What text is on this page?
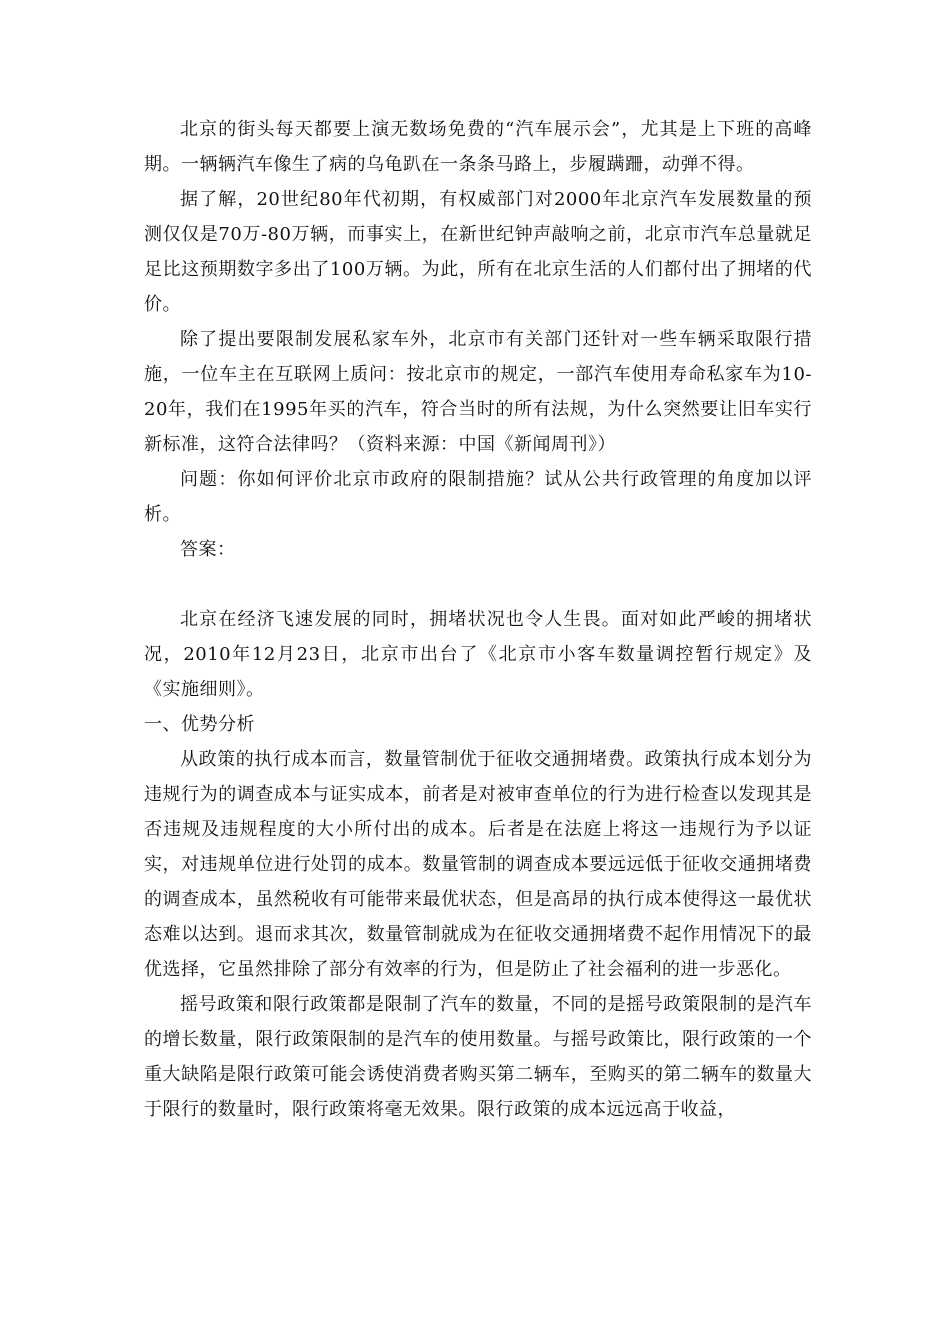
北京的街头每天都要上演无数场免费的“汽车展示会”，尤其是上下班的高峰期。一辆辆汽车像生了病的乌龟趴在一条条马路上，步履蹒跚，动弹不得。

据了解，20世纪80年代初期，有权威部门对2000年北京汽车发展数量的预测仅仅是70万-80万辆，而事实上，在新世纪钟声敲响之前，北京市汽车总量就足足比这预期数字多出了100万辆。为此，所有在北京生活的人们都付出了拥堵的代价。

除了提出要限制发展私家车外，北京市有关部门还针对一些车辆采取限行措施，一位车主在互联网上质问：按北京市的规定，一部汽车使用寿命私家车为10-20年，我们在1995年买的汽车，符合当时的所有法规，为什么突然要让旧车实行新标准，这符合法律吗？（资料来源：中国《新闻周刊》）

问题：你如何评价北京市政府的限制措施？试从公共行政管理的角度加以评析。

答案：

北京在经济飞速发展的同时，拥堵状况也令人生畏。面对如此严峻的拥堵状况，2010年12月23日，北京市出台了《北京市小客车数量调控暂行规定》及《实施细则》。

一、优势分析

从政策的执行成本而言，数量管制优于征收交通拥堵费。政策执行成本划分为违规行为的调查成本与证实成本，前者是对被审查单位的行为进行检查以发现其是否违规及违规程度的大小所付出的成本。后者是在法庭上将这一违规行为予以证实，对违规单位进行处罚的成本。数量管制的调查成本要远远低于征收交通拥堵费的调查成本，虽然税收有可能带来最优状态，但是高昂的执行成本使得这一最优状态难以达到。退而求其次，数量管制就成为在征收交通拥堵费不起作用情况下的最优选择，它虽然排除了部分有效率的行为，但是防止了社会福利的进一步恶化。

摇号政策和限行政策都是限制了汽车的数量，不同的是摇号政策限制的是汽车的增长数量，限行政策限制的是汽车的使用数量。与摇号政策比，限行政策的一个重大缺陷是限行政策可能会诱使消费者购买第二辆车，至购买的第二辆车的数量大于限行的数量时，限行政策将毫无效果。限行政策的成本远远高于收益，
